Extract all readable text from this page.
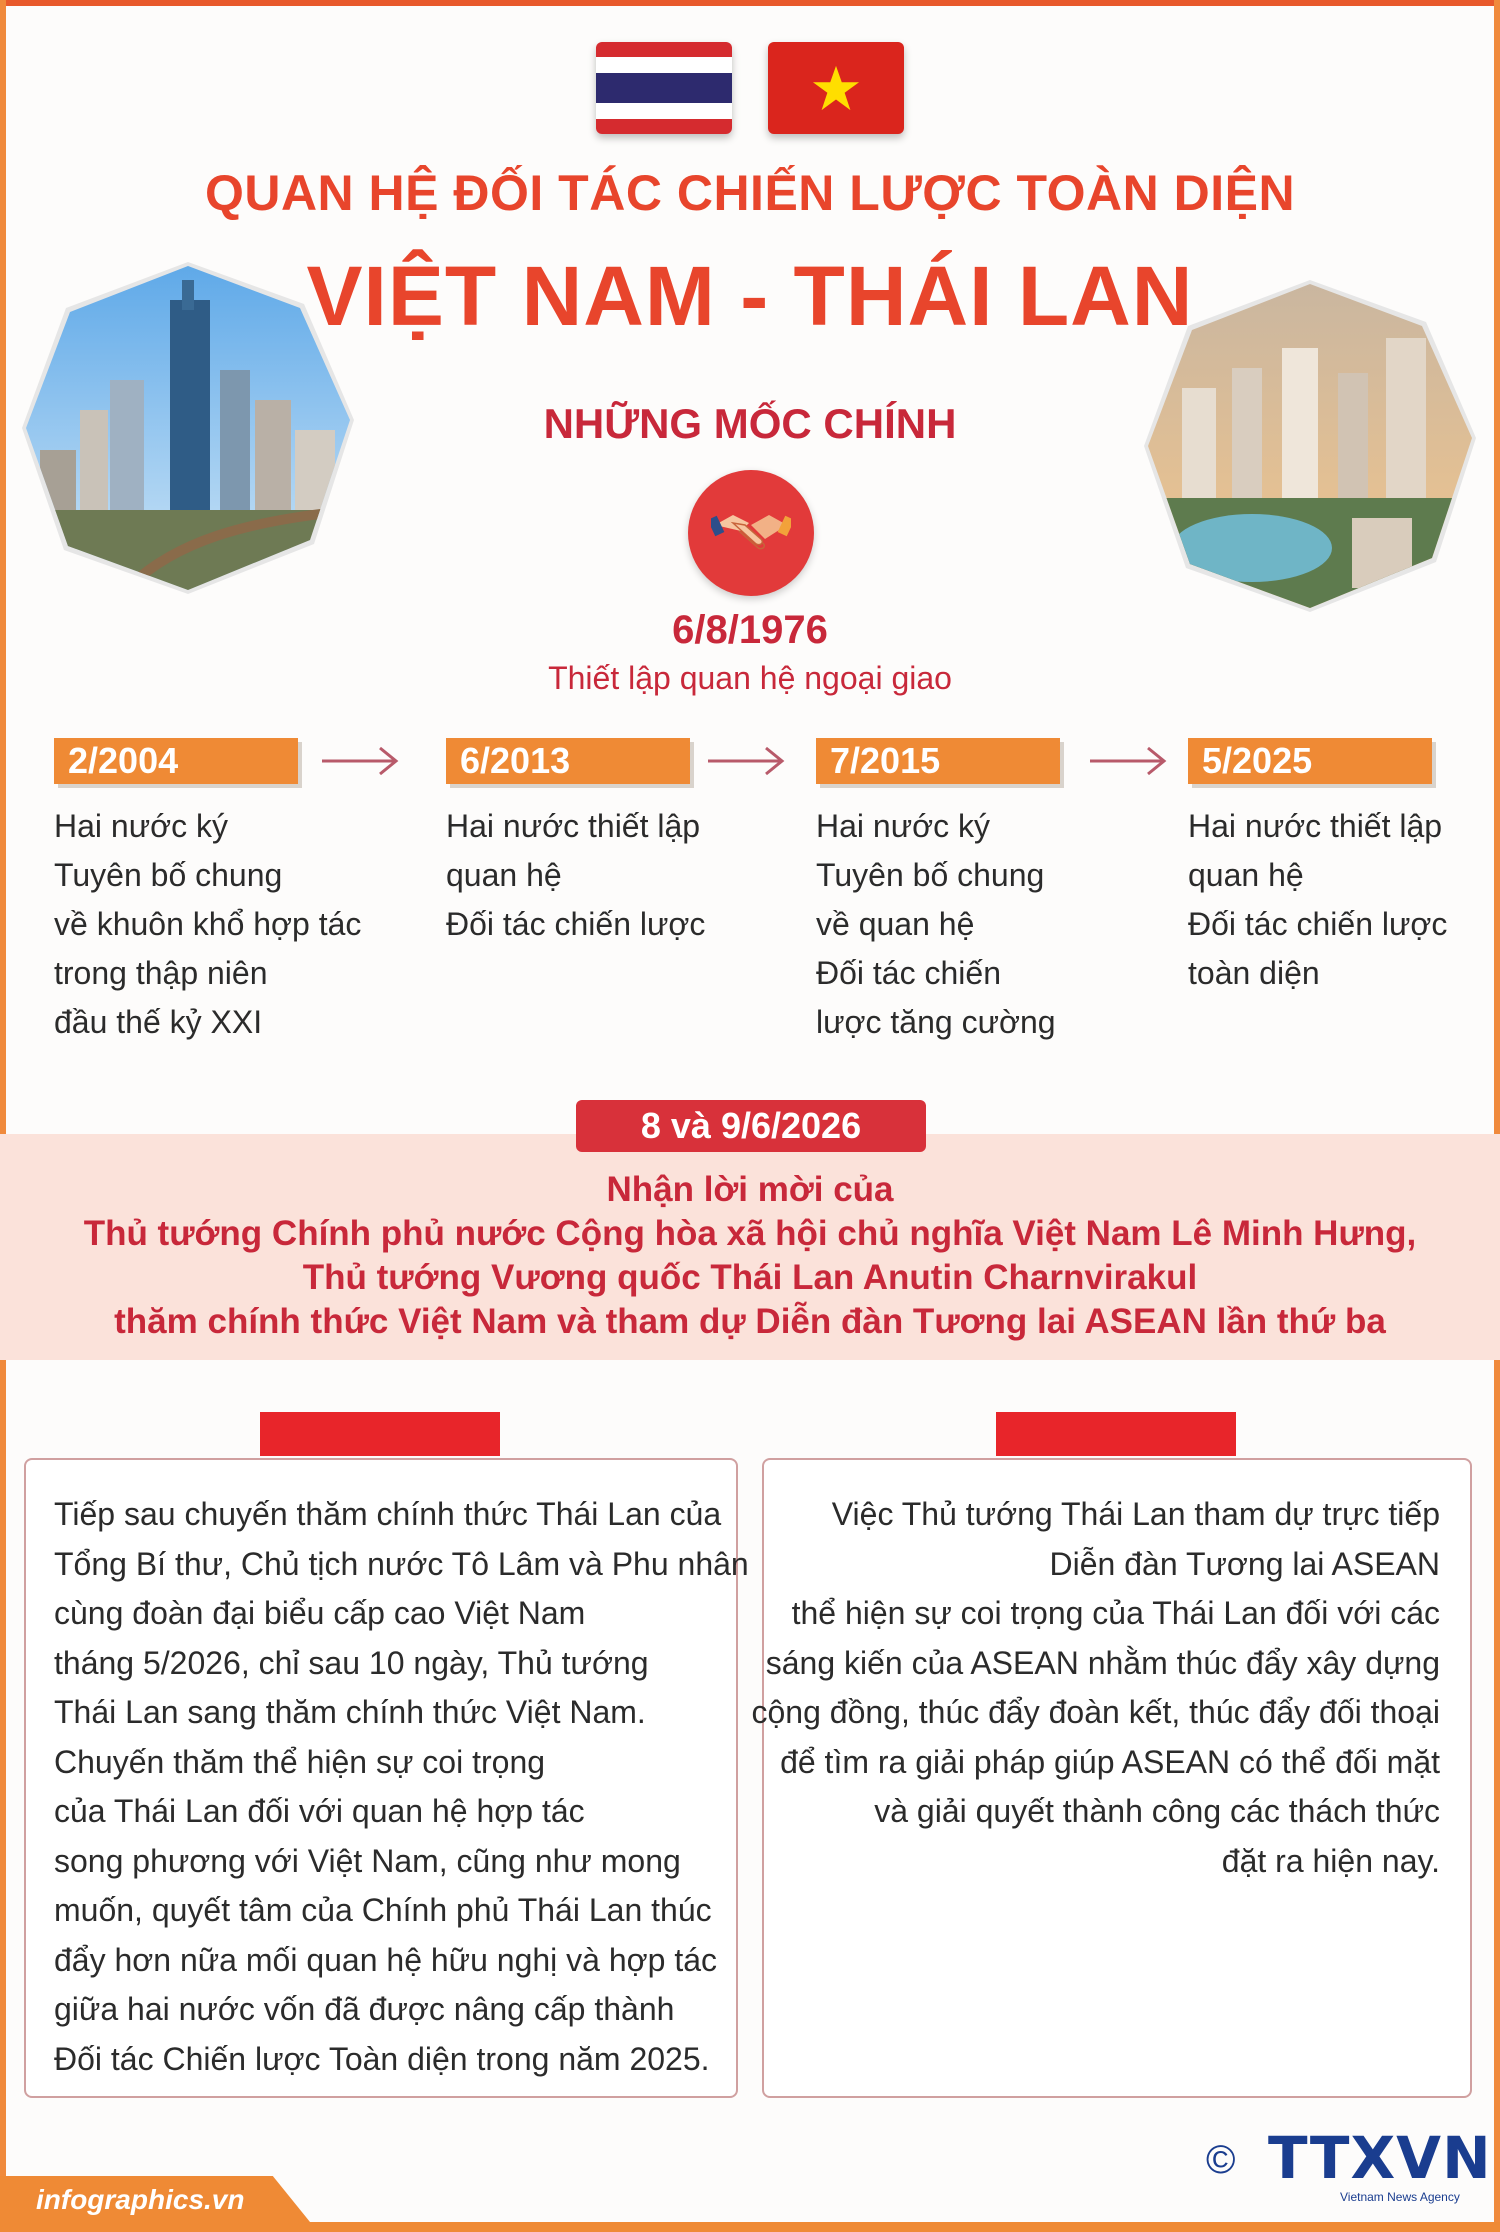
QUAN HỆ ĐỐI TÁC CHIẾN LƯỢC TOÀN DIỆN
VIỆT NAM - THÁI LAN
NHỮNG MỐC CHÍNH
6/8/1976
Thiết lập quan hệ ngoại giao
2/2004
Hai nước ký
Tuyên bố chung
về khuôn khổ hợp tác
trong thập niên
đầu thế kỷ XXI
6/2013
Hai nước thiết lập
quan hệ
Đối tác chiến lược
7/2015
Hai nước ký
Tuyên bố chung
về quan hệ
Đối tác chiến
lược tăng cường
5/2025
Hai nước thiết lập
quan hệ
Đối tác chiến lược
toàn diện
8 và 9/6/2026
Nhận lời mời của
Thủ tướng Chính phủ nước Cộng hòa xã hội chủ nghĩa Việt Nam Lê Minh Hưng,
Thủ tướng Vương quốc Thái Lan Anutin Charnvirakul
thăm chính thức Việt Nam và tham dự Diễn đàn Tương lai ASEAN lần thứ ba
Tiếp sau chuyến thăm chính thức Thái Lan của
Tổng Bí thư, Chủ tịch nước Tô Lâm và Phu nhân
cùng đoàn đại biểu cấp cao Việt Nam
tháng 5/2026, chỉ sau 10 ngày, Thủ tướng
Thái Lan sang thăm chính thức Việt Nam.
Chuyến thăm thể hiện sự coi trọng
của Thái Lan đối với quan hệ hợp tác
song phương với Việt Nam, cũng như mong
muốn, quyết tâm của Chính phủ Thái Lan thúc
đẩy hơn nữa mối quan hệ hữu nghị và hợp tác
giữa hai nước vốn đã được nâng cấp thành
Đối tác Chiến lược Toàn diện trong năm 2025.
Việc Thủ tướng Thái Lan tham dự trực tiếp
Diễn đàn Tương lai ASEAN
thể hiện sự coi trọng của Thái Lan đối với các
sáng kiến của ASEAN nhằm thúc đẩy xây dựng
cộng đồng, thúc đẩy đoàn kết, thúc đẩy đối thoại
để tìm ra giải pháp giúp ASEAN có thể đối mặt
và giải quyết thành công các thách thức
đặt ra hiện nay.
infographics.vn
© TTXVN
Vietnam News Agency
